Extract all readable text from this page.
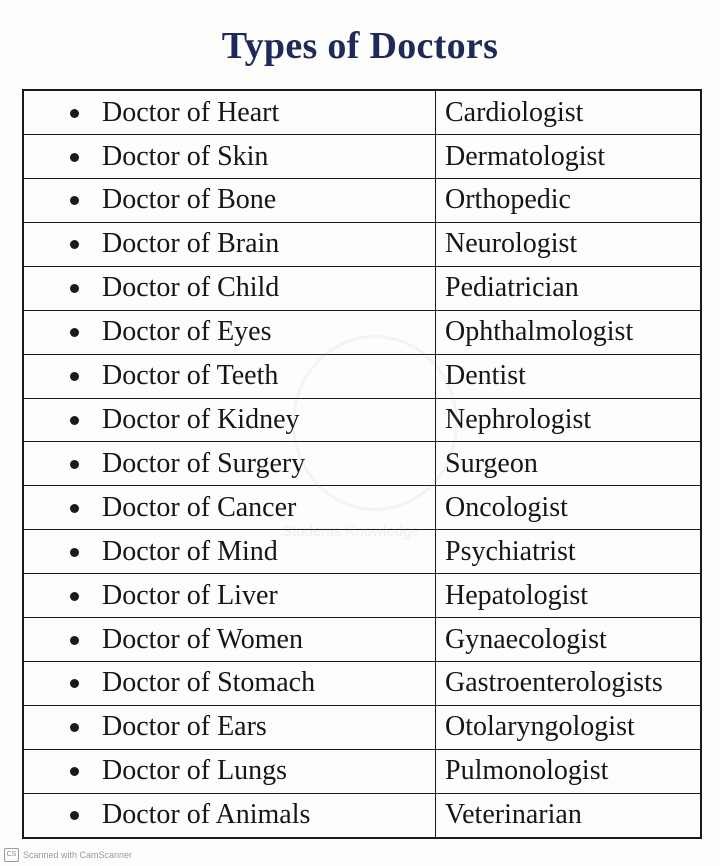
Types of Doctors
Doctor of Heart	Cardiologist

Doctor of Skin	Dermatologist

Doctor of Bone	Orthopedic

Doctor of Brain	Neurologist

Doctor of Child	Pediatrician

Doctor of Eyes	Ophthalmologist

Doctor of Teeth	Dentist

Doctor of Kidney	Nephrologist

Doctor of Surgery	Surgeon

Doctor of Cancer	Oncologist

Doctor of Mind	Psychiatrist

Doctor of Liver	Hepatologist

Doctor of Women	Gynaecologist

Doctor of Stomach	Gastroenterologists

Doctor of Ears	Otolaryngologist

Doctor of Lungs	Pulmonologist

Doctor of Animals	Veterinarian
Students Knowledge
CS Scanned with CamScanner
